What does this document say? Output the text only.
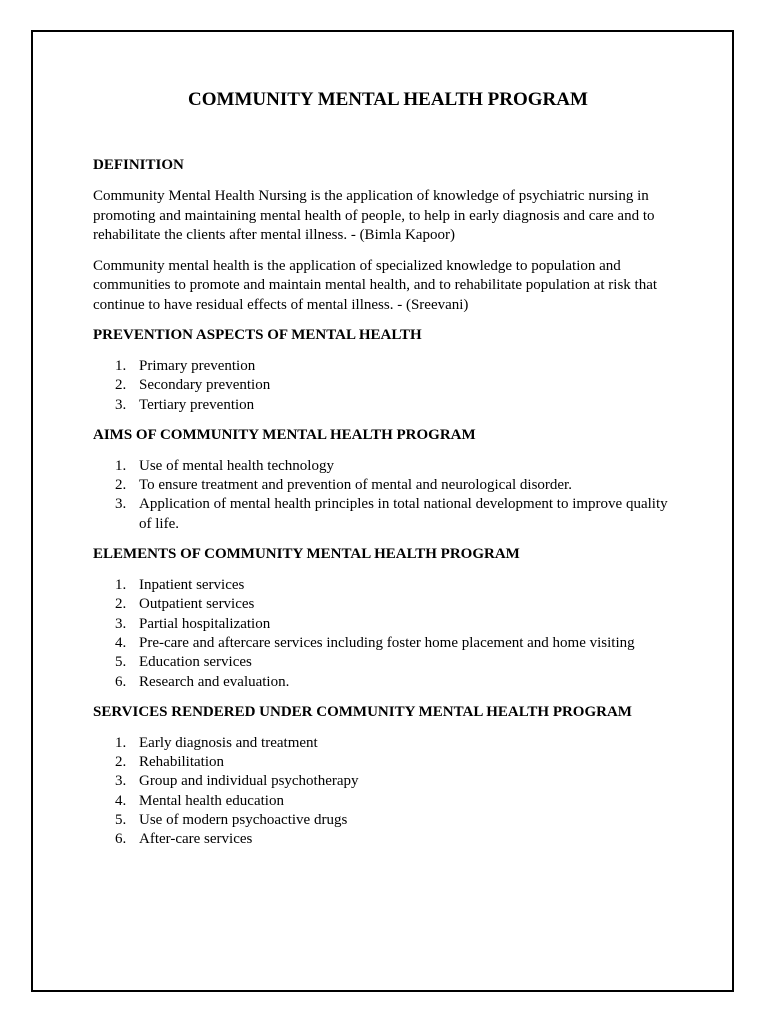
COMMUNITY MENTAL HEALTH PROGRAM
DEFINITION

Community Mental Health Nursing is the application of knowledge of psychiatric nursing in promoting and maintaining mental health of people, to help in early diagnosis and care and to rehabilitate the clients after mental illness. - (Bimla Kapoor)

Community mental health is the application of specialized knowledge to population and communities to promote and maintain mental health, and to rehabilitate population at risk that continue to have residual effects of mental illness. - (Sreevani)

PREVENTION ASPECTS OF MENTAL HEALTH
1. Primary prevention
2. Secondary prevention
3. Tertiary prevention
AIMS OF COMMUNITY MENTAL HEALTH PROGRAM
1. Use of mental health technology
2. To ensure treatment and prevention of mental and neurological disorder.
3. Application of mental health principles in total national development to improve quality of life.
ELEMENTS OF COMMUNITY MENTAL HEALTH PROGRAM
1. Inpatient services
2. Outpatient services
3. Partial hospitalization
4. Pre-care and aftercare services including foster home placement and home visiting
5. Education services
6. Research and evaluation.
SERVICES RENDERED UNDER COMMUNITY MENTAL HEALTH PROGRAM
1. Early diagnosis and treatment
2. Rehabilitation
3. Group and individual psychotherapy
4. Mental health education
5. Use of modern psychoactive drugs
6. After-care services
